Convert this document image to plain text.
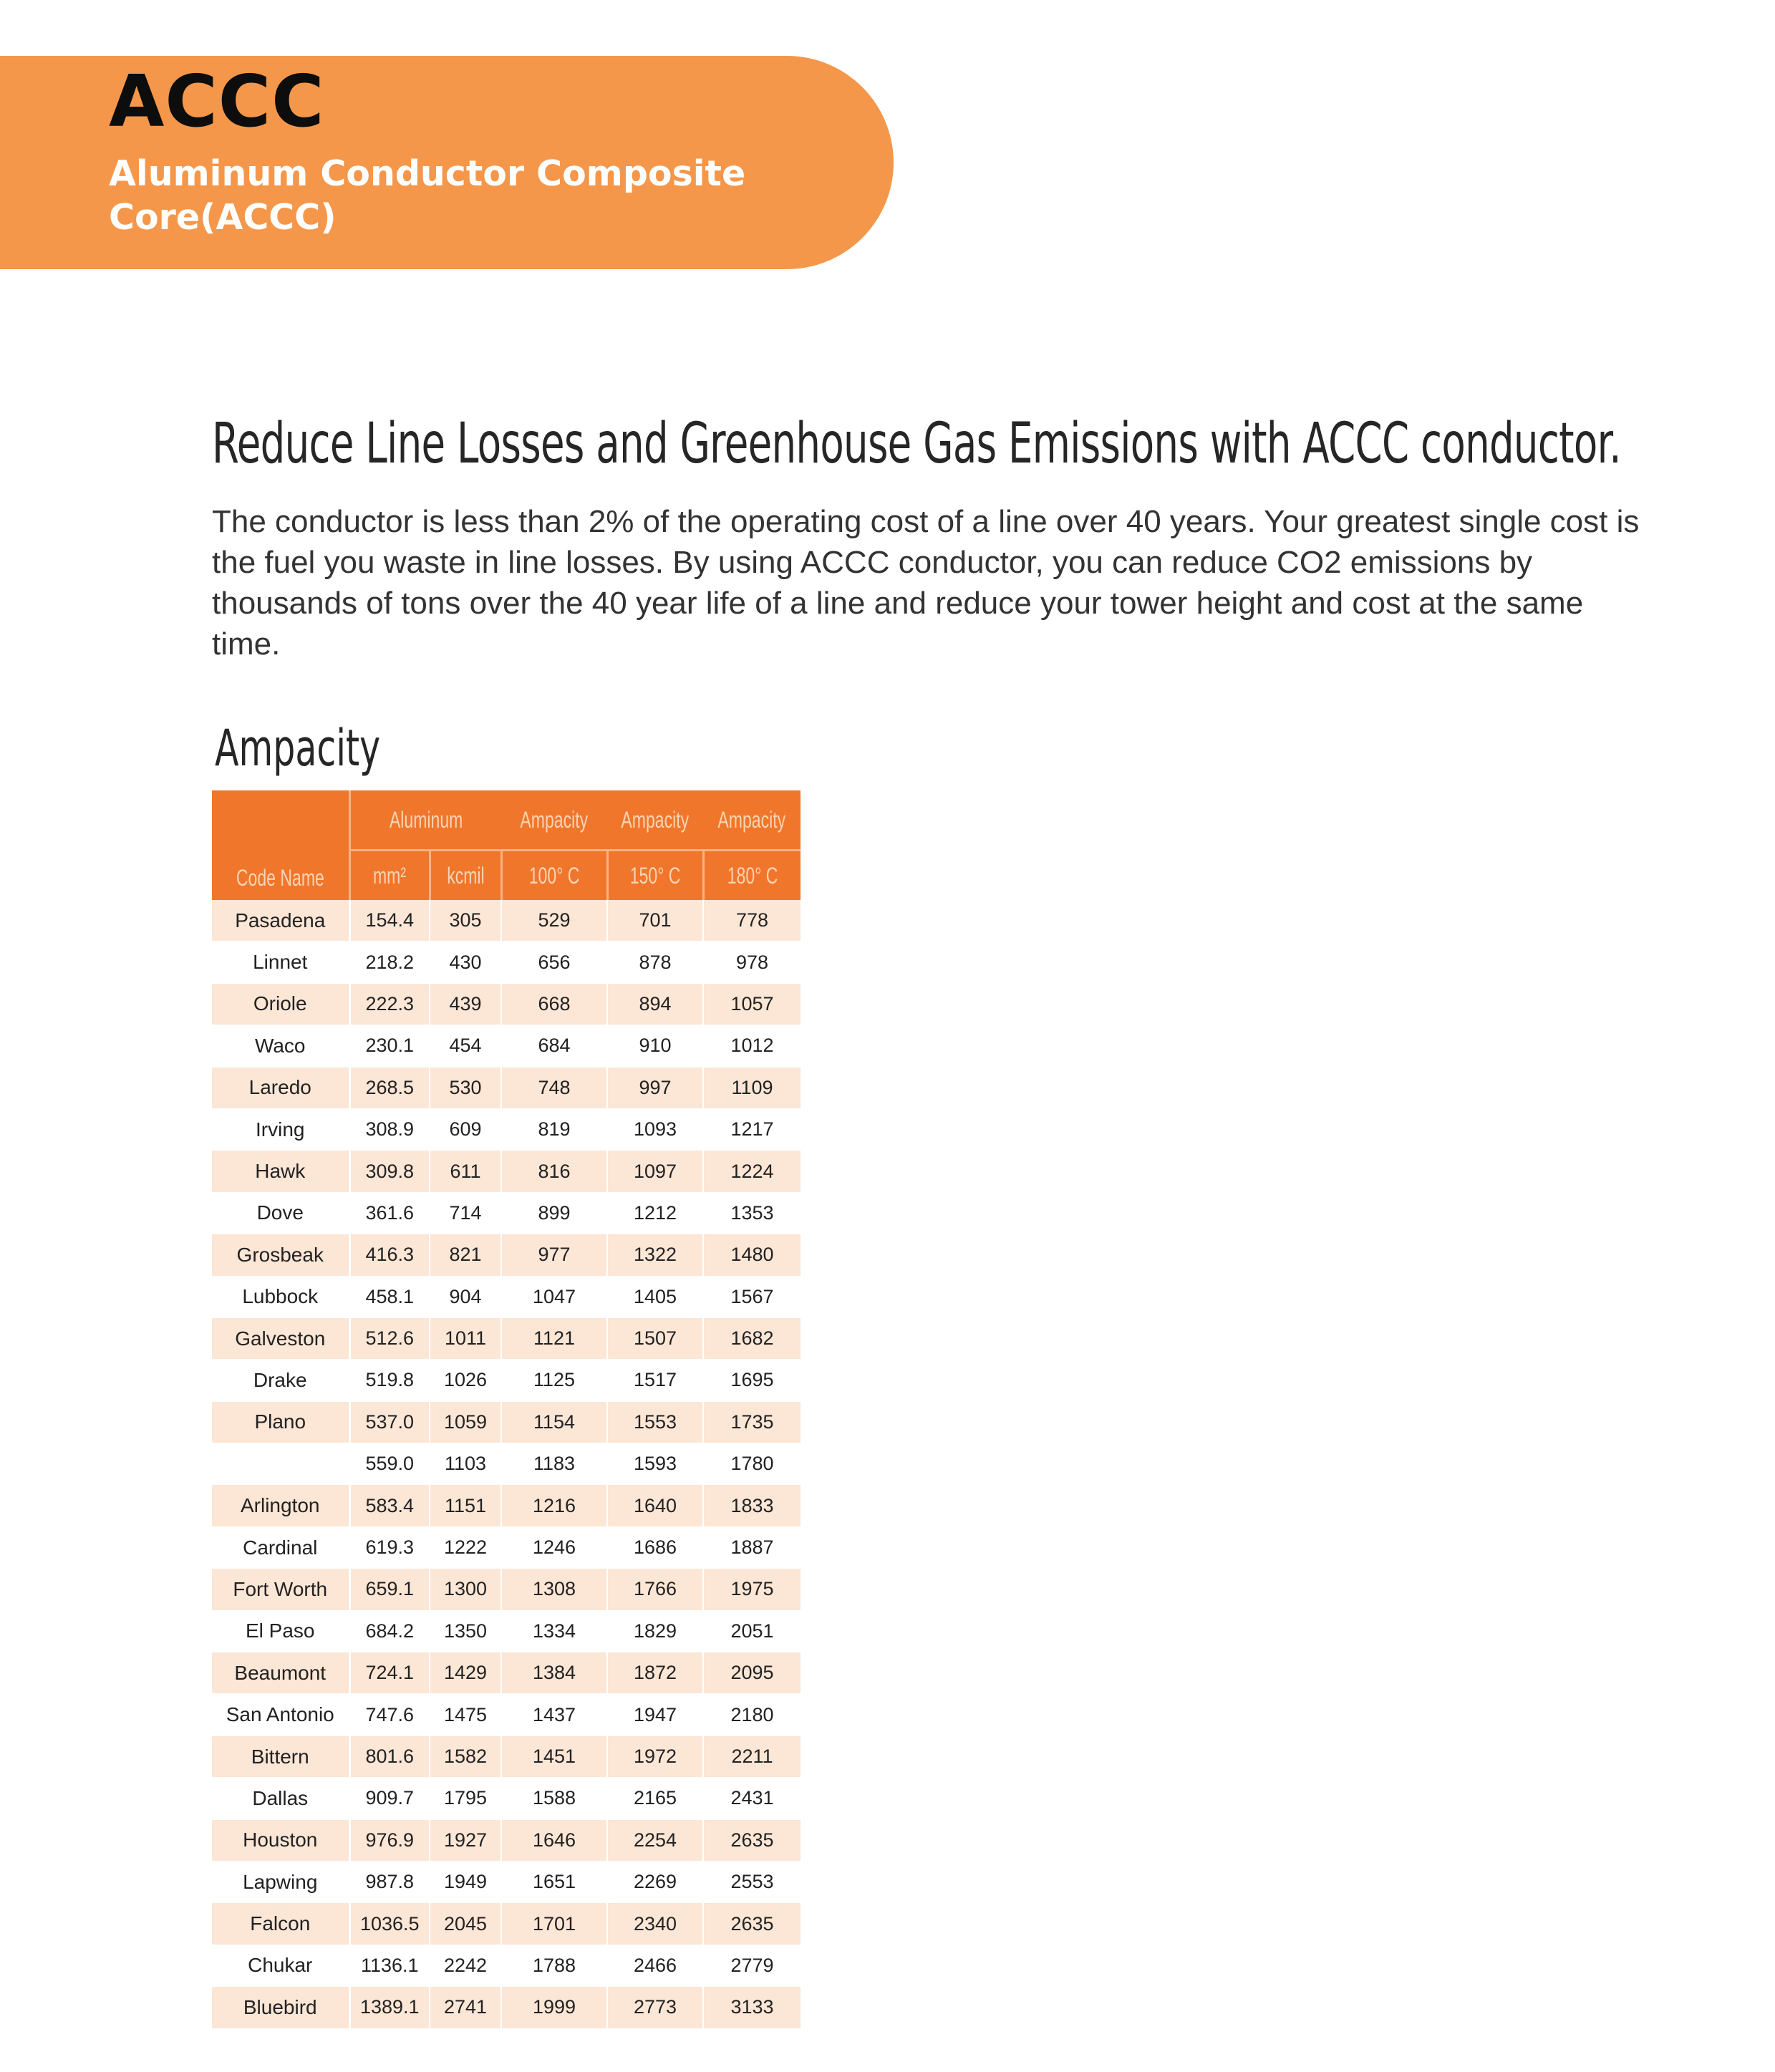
ACCC
Aluminum Conductor Composite Core(ACCC)
Reduce Line Losses and Greenhouse Gas Emissions with ACCC conductor.
The conductor is less than 2% of the operating cost of a line over 40 years. Your greatest single cost is the fuel you waste in line losses. By using ACCC conductor, you can reduce CO2 emissions by thousands of tons over the 40 year life of a line and reduce your tower height and cost at the same time.
Ampacity
Code Name	Aluminum		Ampacity	Ampacity	Ampacity
	mm²	kcmil	100° C	150° C	180° C
Pasadena	154.4	305	529	701	778
Linnet	218.2	430	656	878	978
Oriole	222.3	439	668	894	1057
Waco	230.1	454	684	910	1012
Laredo	268.5	530	748	997	1109
Irving	308.9	609	819	1093	1217
Hawk	309.8	611	816	1097	1224
Dove	361.6	714	899	1212	1353
Grosbeak	416.3	821	977	1322	1480
Lubbock	458.1	904	1047	1405	1567
Galveston	512.6	1011	1121	1507	1682
Drake	519.8	1026	1125	1517	1695
Plano	537.0	1059	1154	1553	1735
	559.0	1103	1183	1593	1780
Arlington	583.4	1151	1216	1640	1833
Cardinal	619.3	1222	1246	1686	1887
Fort Worth	659.1	1300	1308	1766	1975
El Paso	684.2	1350	1334	1829	2051
Beaumont	724.1	1429	1384	1872	2095
San Antonio	747.6	1475	1437	1947	2180
Bittern	801.6	1582	1451	1972	2211
Dallas	909.7	1795	1588	2165	2431
Houston	976.9	1927	1646	2254	2635
Lapwing	987.8	1949	1651	2269	2553
Falcon	1036.5	2045	1701	2340	2635
Chukar	1136.1	2242	1788	2466	2779
Bluebird	1389.1	2741	1999	2773	3133
